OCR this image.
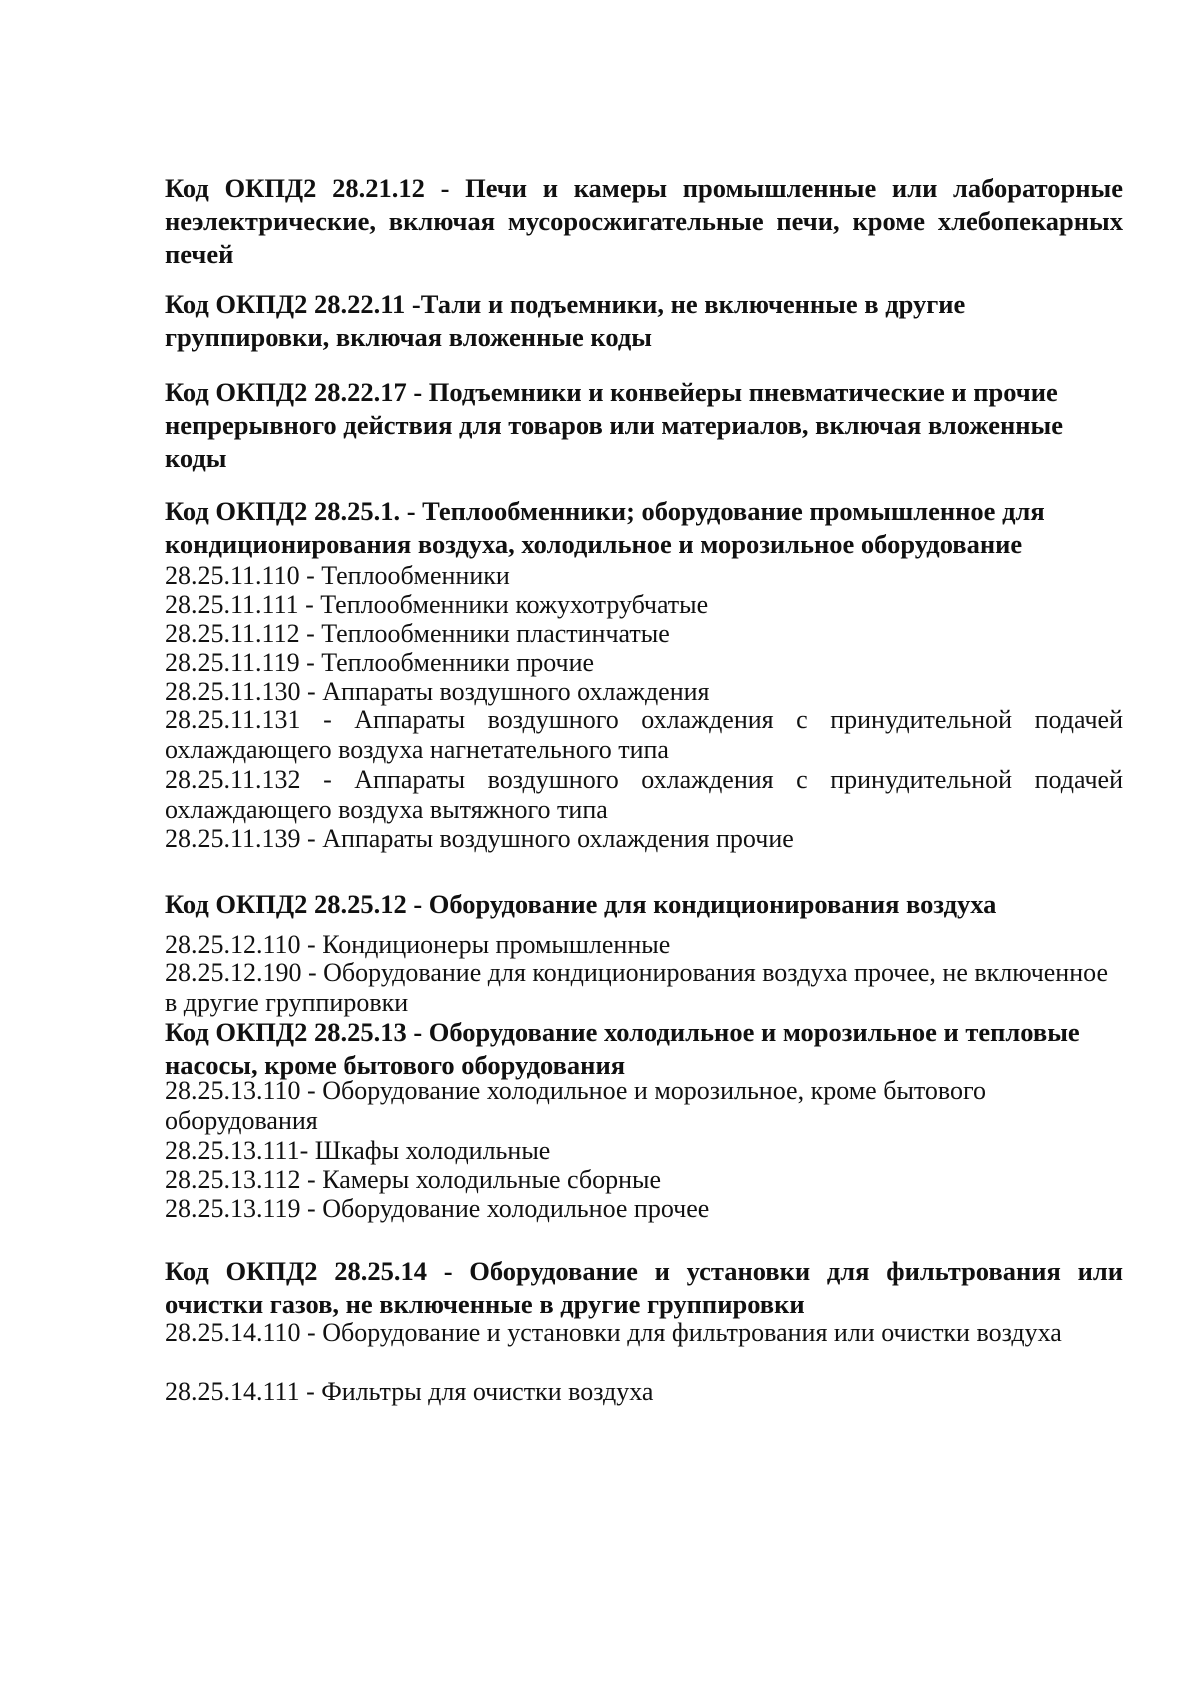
Код ОКПД2 28.21.12 - Печи и камеры промышленные или лабораторные неэлектрические, включая мусоросжигательные печи, кроме хлебопекарных печей
Код ОКПД2 28.22.11 -Тали и подъемники, не включенные в другие группировки, включая вложенные коды
Код ОКПД2 28.22.17 - Подъемники и конвейеры пневматические и прочие непрерывного действия для товаров или материалов, включая вложенные коды
Код ОКПД2 28.25.1. - Теплообменники; оборудование промышленное для кондиционирования воздуха, холодильное и морозильное оборудование
28.25.11.110 - Теплообменники
28.25.11.111 - Теплообменники кожухотрубчатые
28.25.11.112 - Теплообменники пластинчатые
28.25.11.119 - Теплообменники прочие
28.25.11.130 - Аппараты воздушного охлаждения
28.25.11.131 - Аппараты воздушного охлаждения с принудительной подачей охлаждающего воздуха нагнетательного типа
28.25.11.132 - Аппараты воздушного охлаждения с принудительной подачей охлаждающего воздуха вытяжного типа
28.25.11.139 - Аппараты воздушного охлаждения прочие
Код ОКПД2 28.25.12 - Оборудование для кондиционирования воздуха
28.25.12.110 - Кондиционеры промышленные
28.25.12.190 - Оборудование для кондиционирования воздуха прочее, не включенное в другие группировки
Код ОКПД2 28.25.13 - Оборудование холодильное и морозильное и тепловые насосы, кроме бытового оборудования
28.25.13.110 - Оборудование холодильное и морозильное, кроме бытового оборудования
28.25.13.111- Шкафы холодильные
28.25.13.112 - Камеры холодильные сборные
28.25.13.119 - Оборудование холодильное прочее
Код ОКПД2 28.25.14 - Оборудование и установки для фильтрования или очистки газов, не включенные в другие группировки
28.25.14.110 - Оборудование и установки для фильтрования или очистки воздуха
28.25.14.111 - Фильтры для очистки воздуха
